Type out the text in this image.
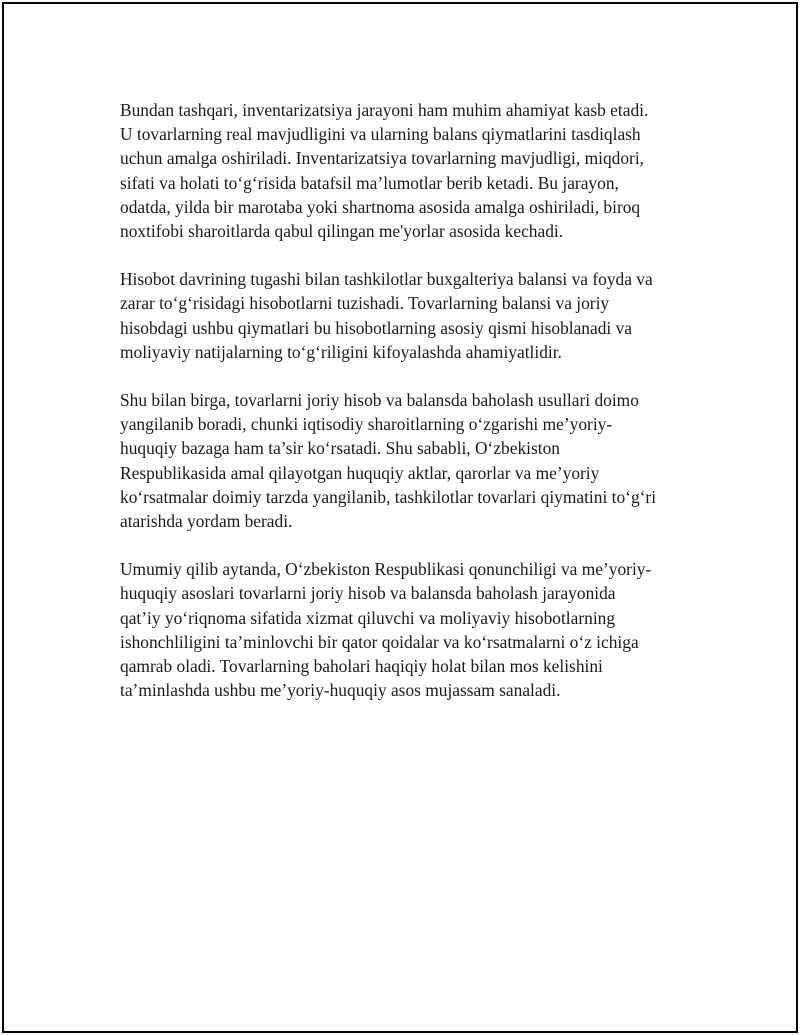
Bundan tashqari, inventarizatsiya jarayoni ham muhim ahamiyat kasb etadi.
U tovarlarning real mavjudligini va ularning balans qiymatlarini tasdiqlash
uchun amalga oshiriladi. Inventarizatsiya tovarlarning mavjudligi, miqdori,
sifati va holati to‘g‘risida batafsil ma’lumotlar berib ketadi. Bu jarayon,
odatda, yilda bir marotaba yoki shartnoma asosida amalga oshiriladi, biroq
noxtifobi sharoitlarda qabul qilingan me'yorlar asosida kechadi.

Hisobot davrining tugashi bilan tashkilotlar buxgalteriya balansi va foyda va
zarar to‘g‘risidagi hisobotlarni tuzishadi. Tovarlarning balansi va joriy
hisobdagi ushbu qiymatlari bu hisobotlarning asosiy qismi hisoblanadi va
moliyaviy natijalarning to‘g‘riligini kifoyalashda ahamiyatlidir.

Shu bilan birga, tovarlarni joriy hisob va balansda baholash usullari doimo
yangilanib boradi, chunki iqtisodiy sharoitlarning o‘zgarishi me’yoriy-
huquqiy bazaga ham ta’sir ko‘rsatadi. Shu sababli, O‘zbekiston
Respublikasida amal qilayotgan huquqiy aktlar, qarorlar va me’yoriy
ko‘rsatmalar doimiy tarzda yangilanib, tashkilotlar tovarlari qiymatini to‘g‘ri
atarishda yordam beradi.

Umumiy qilib aytanda, O‘zbekiston Respublikasi qonunchiligi va me’yoriy-
huquqiy asoslari tovarlarni joriy hisob va balansda baholash jarayonida
qat’iy yo‘riqnoma sifatida xizmat qiluvchi va moliyaviy hisobotlarning
ishonchliligini ta’minlovchi bir qator qoidalar va ko‘rsatmalarni o‘z ichiga
qamrab oladi. Tovarlarning baholari haqiqiy holat bilan mos kelishini
ta’minlashda ushbu me’yoriy-huquqiy asos mujassam sanaladi.
